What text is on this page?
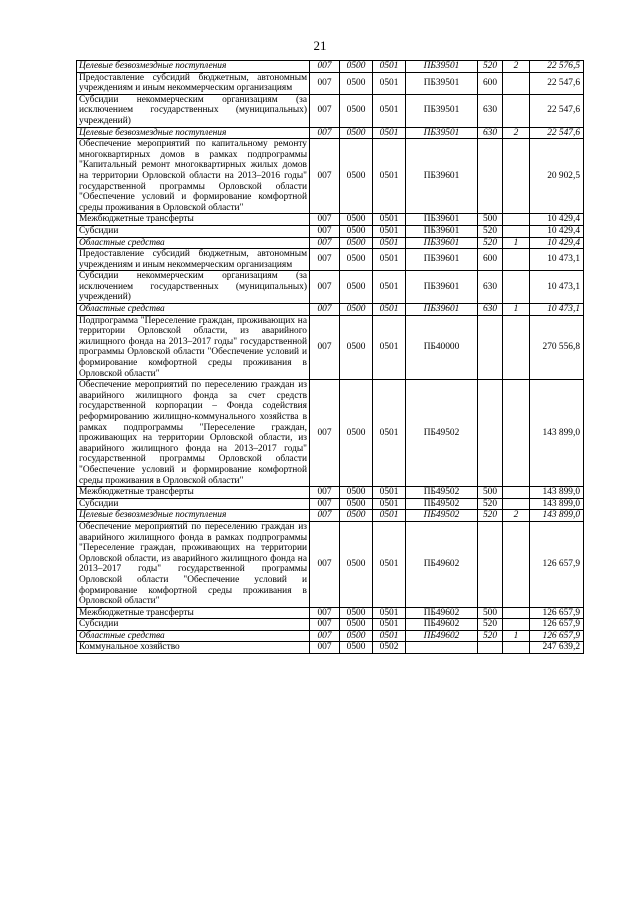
21
Целевые безвозмездные поступления	007	0500	0501	ПБ39501	520	2	22 576,5
Предоставление субсидий бюджетным, автономным учреждениям и иным некоммерческим организациям	007	0500	0501	ПБ39501	600		22 547,6
Субсидии некоммерческим организациям (за исключением государственных (муниципальных) учреждений)	007	0500	0501	ПБ39501	630		22 547,6
Целевые безвозмездные поступления	007	0500	0501	ПБ39501	630	2	22 547,6
Обеспечение мероприятий по капитальному ремонту многоквартирных домов в рамках подпрограммы "Капитальный ремонт многоквартирных жилых домов на территории Орловской области на 2013–2016 годы" государственной программы Орловской области "Обеспечение условий и формирование комфортной среды проживания в Орловской области"	007	0500	0501	ПБ39601			20 902,5
Межбюджетные трансферты	007	0500	0501	ПБ39601	500		10 429,4
Субсидии	007	0500	0501	ПБ39601	520		10 429,4
Областные средства	007	0500	0501	ПБ39601	520	1	10 429,4
Предоставление субсидий бюджетным, автономным учреждениям и иным некоммерческим организациям	007	0500	0501	ПБ39601	600		10 473,1
Субсидии некоммерческим организациям (за исключением государственных (муниципальных) учреждений)	007	0500	0501	ПБ39601	630		10 473,1
Областные средства	007	0500	0501	ПБ39601	630	1	10 473,1
Подпрограмма "Переселение граждан, проживающих на территории Орловской области, из аварийного жилищного фонда на 2013–2017 годы" государственной программы Орловской области "Обеспечение условий и формирование комфортной среды проживания в Орловской области"	007	0500	0501	ПБ40000			270 556,8
Обеспечение мероприятий по переселению граждан из аварийного жилищного фонда за счет средств государственной корпорации – Фонда содействия реформированию жилищно-коммунального хозяйства в рамках подпрограммы "Переселение граждан, проживающих на территории Орловской области, из аварийного жилищного фонда на 2013–2017 годы" государственной программы Орловской области "Обеспечение условий и формирование комфортной среды проживания в Орловской области"	007	0500	0501	ПБ49502			143 899,0
Межбюджетные трансферты	007	0500	0501	ПБ49502	500		143 899,0
Субсидии	007	0500	0501	ПБ49502	520		143 899,0
Целевые безвозмездные поступления	007	0500	0501	ПБ49502	520	2	143 899,0
Обеспечение мероприятий по переселению граждан из аварийного жилищного фонда в рамках подпрограммы "Переселение граждан, проживающих на территории Орловской области, из аварийного жилищного фонда на 2013–2017 годы" государственной программы Орловской области "Обеспечение условий и формирование комфортной среды проживания в Орловской области"	007	0500	0501	ПБ49602			126 657,9
Межбюджетные трансферты	007	0500	0501	ПБ49602	500		126 657,9
Субсидии	007	0500	0501	ПБ49602	520		126 657,9
Областные средства	007	0500	0501	ПБ49602	520	1	126 657,9
Коммунальное хозяйство	007	0500	0502				247 639,2
